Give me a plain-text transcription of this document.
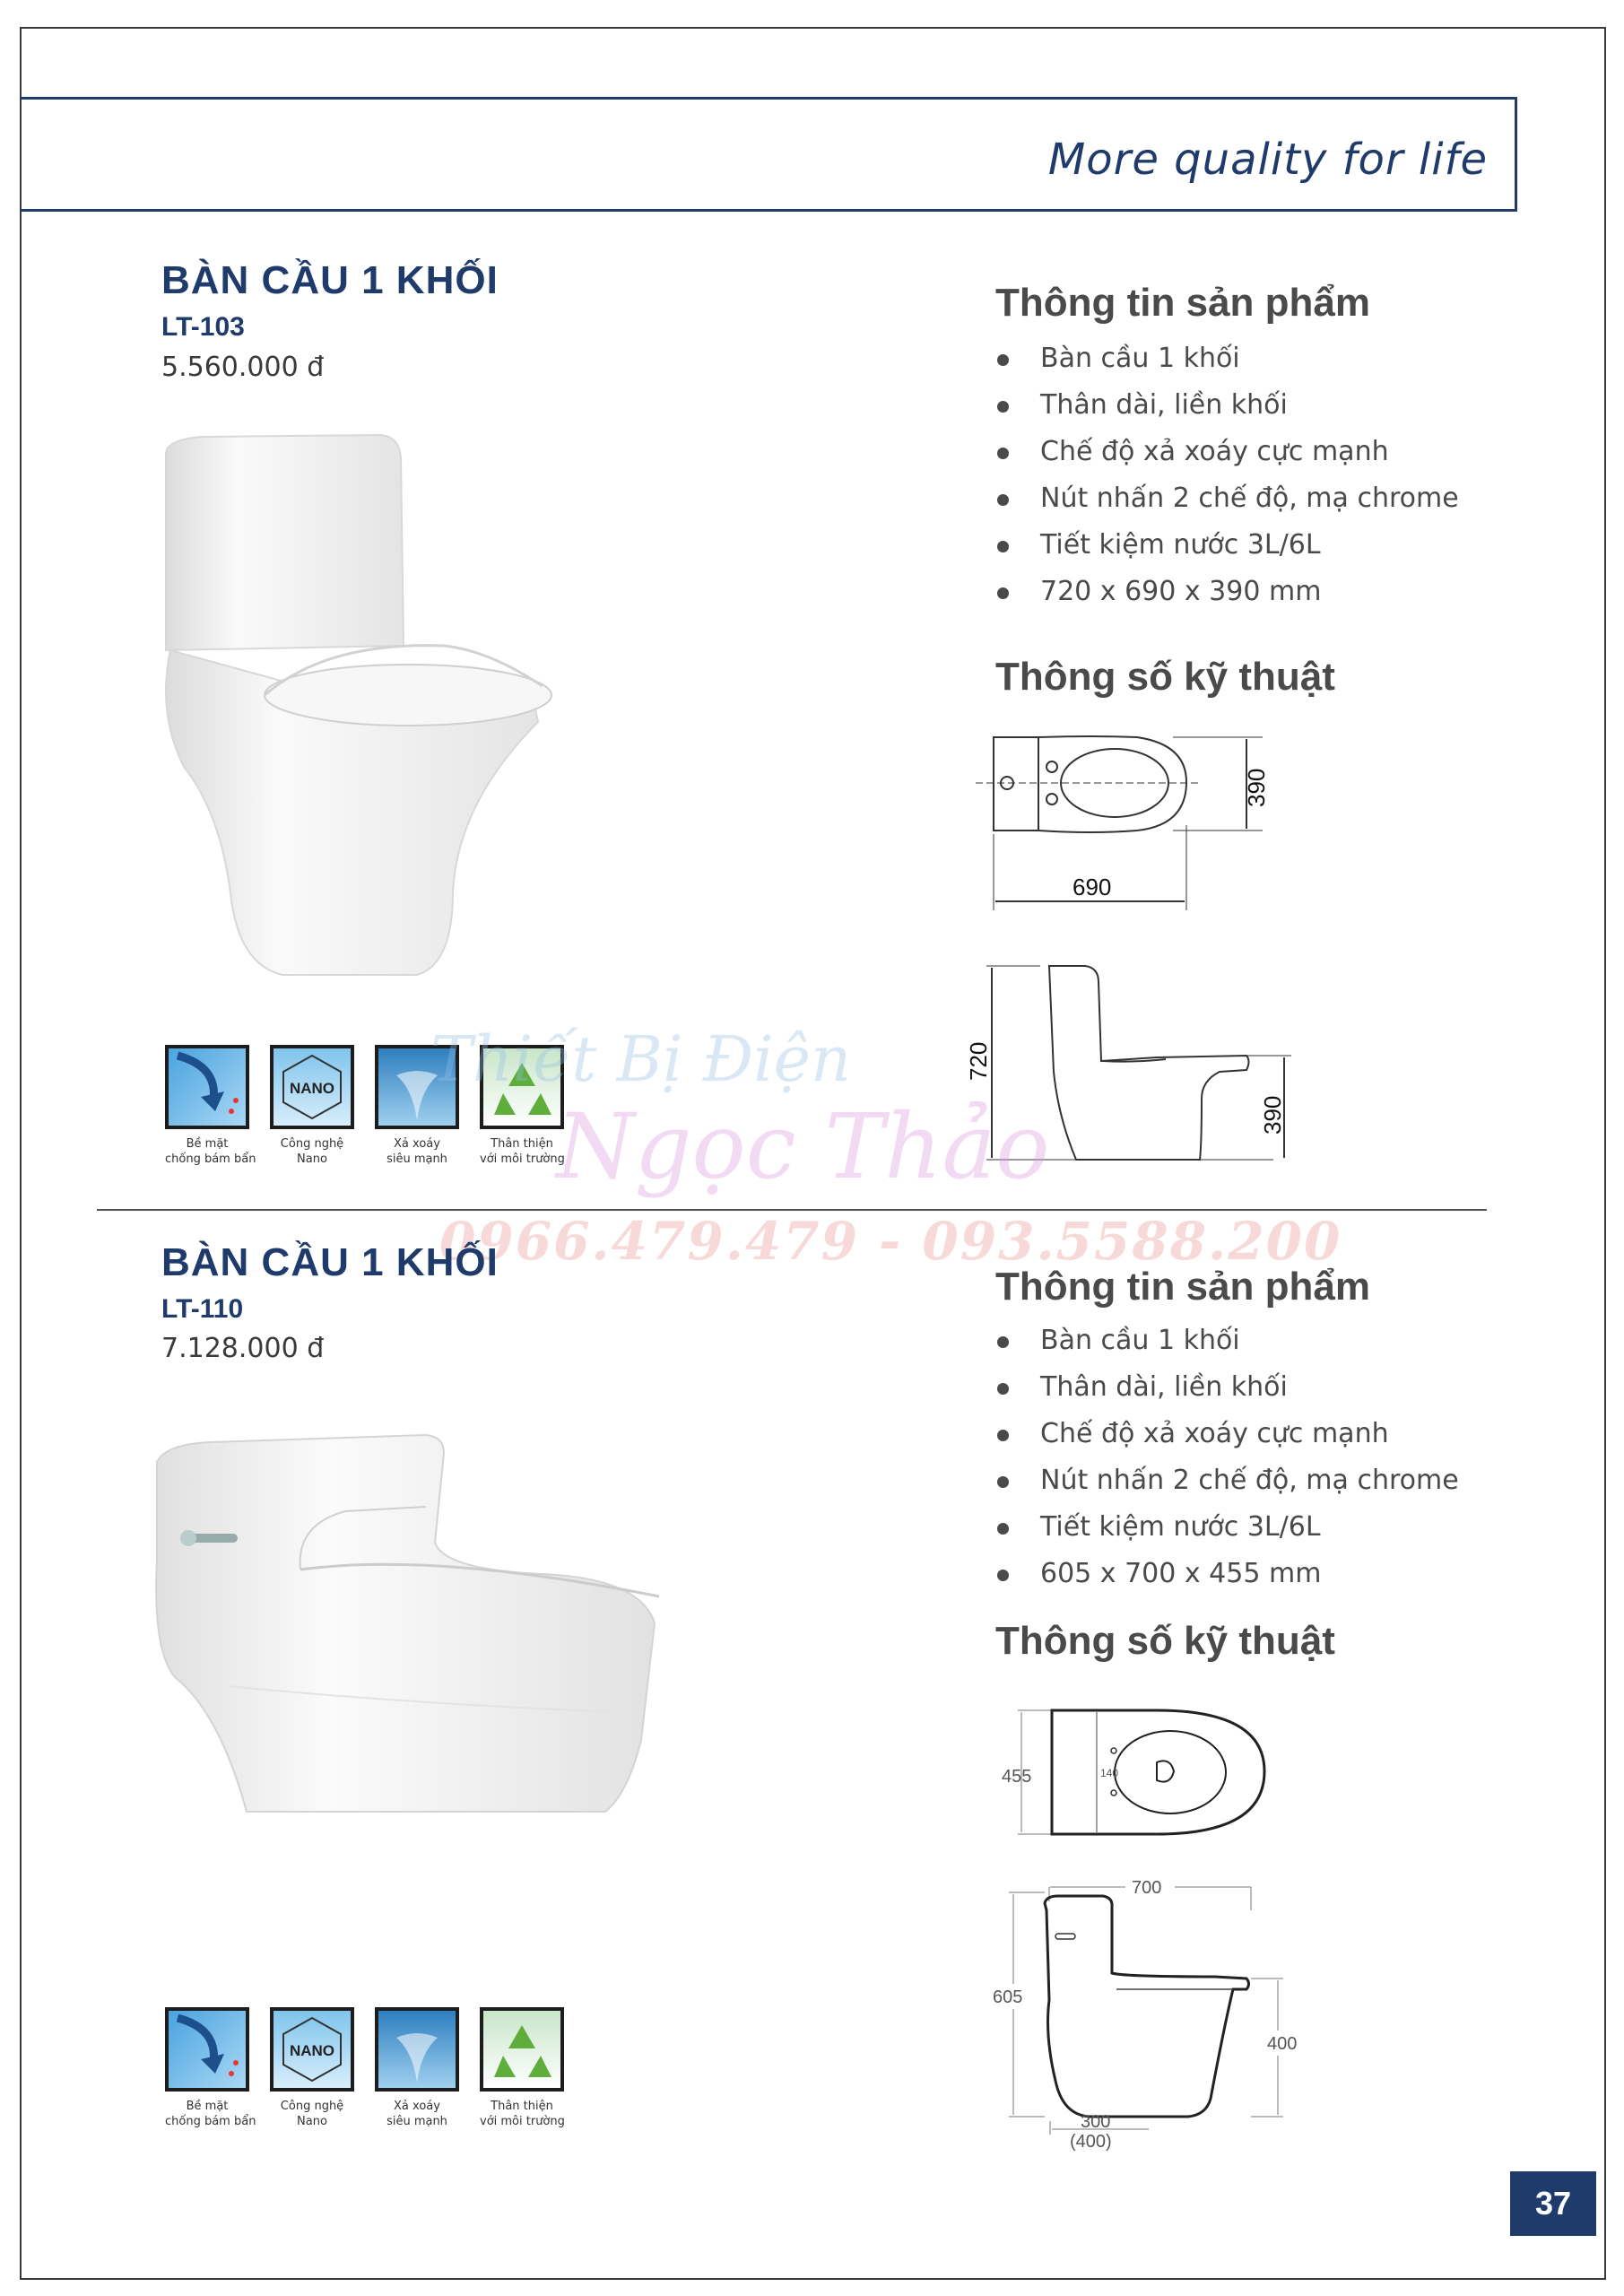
More quality for life
BÀN CẦU 1 KHỐI
LT-103
5.560.000 đ
Bề mặt
chống bám bẩn
NANO
Công nghệ
Nano
Xả xoáy
siêu mạnh
Thân thiện
với môi trường
Thông tin sản phẩm
Bàn cầu 1 khối
Thân dài, liền khối
Chế độ xả xoáy cực mạnh
Nút nhấn 2 chế độ, mạ chrome
Tiết kiệm nước 3L/6L
720 x 690 x 390 mm
Thông số kỹ thuật
390
690
720
390
Thiết Bị Điện
Ngọc Thảo
0966.479.479 - 093.5588.200
BÀN CẦU 1 KHỐI
LT-110
7.128.000 đ
Bề mặt
chống bám bẩn
NANO
Công nghệ
Nano
Xả xoáy
siêu mạnh
Thân thiện
với môi trường
Thông tin sản phẩm
Bàn cầu 1 khối
Thân dài, liền khối
Chế độ xả xoáy cực mạnh
Nút nhấn 2 chế độ, mạ chrome
Tiết kiệm nước 3L/6L
605 x 700 x 455 mm
Thông số kỹ thuật
455	140
700
605
400
300
(400)
37
